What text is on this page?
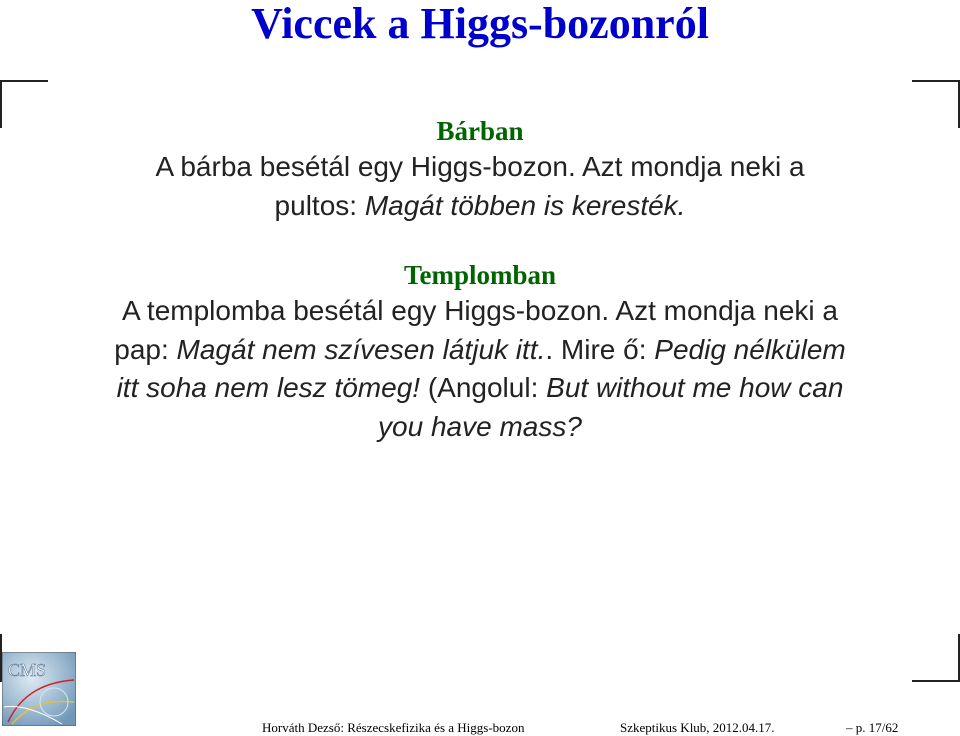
Viccek a Higgs-bozonról
Bárban
A bárba besétál egy Higgs-bozon. Azt mondja neki a
pultos: Magát többen is keresték.
Templomban
A templomba besétál egy Higgs-bozon. Azt mondja neki a
pap: Magát nem szívesen látjuk itt.. Mire ő: Pedig nélkülem
itt soha nem lesz tömeg! (Angolul: But without me how can
you have mass?
CMS
Horváth Dezső: Részecskefizika és a Higgs-bozon	Szkeptikus Klub, 2012.04.17.	– p. 17/62
